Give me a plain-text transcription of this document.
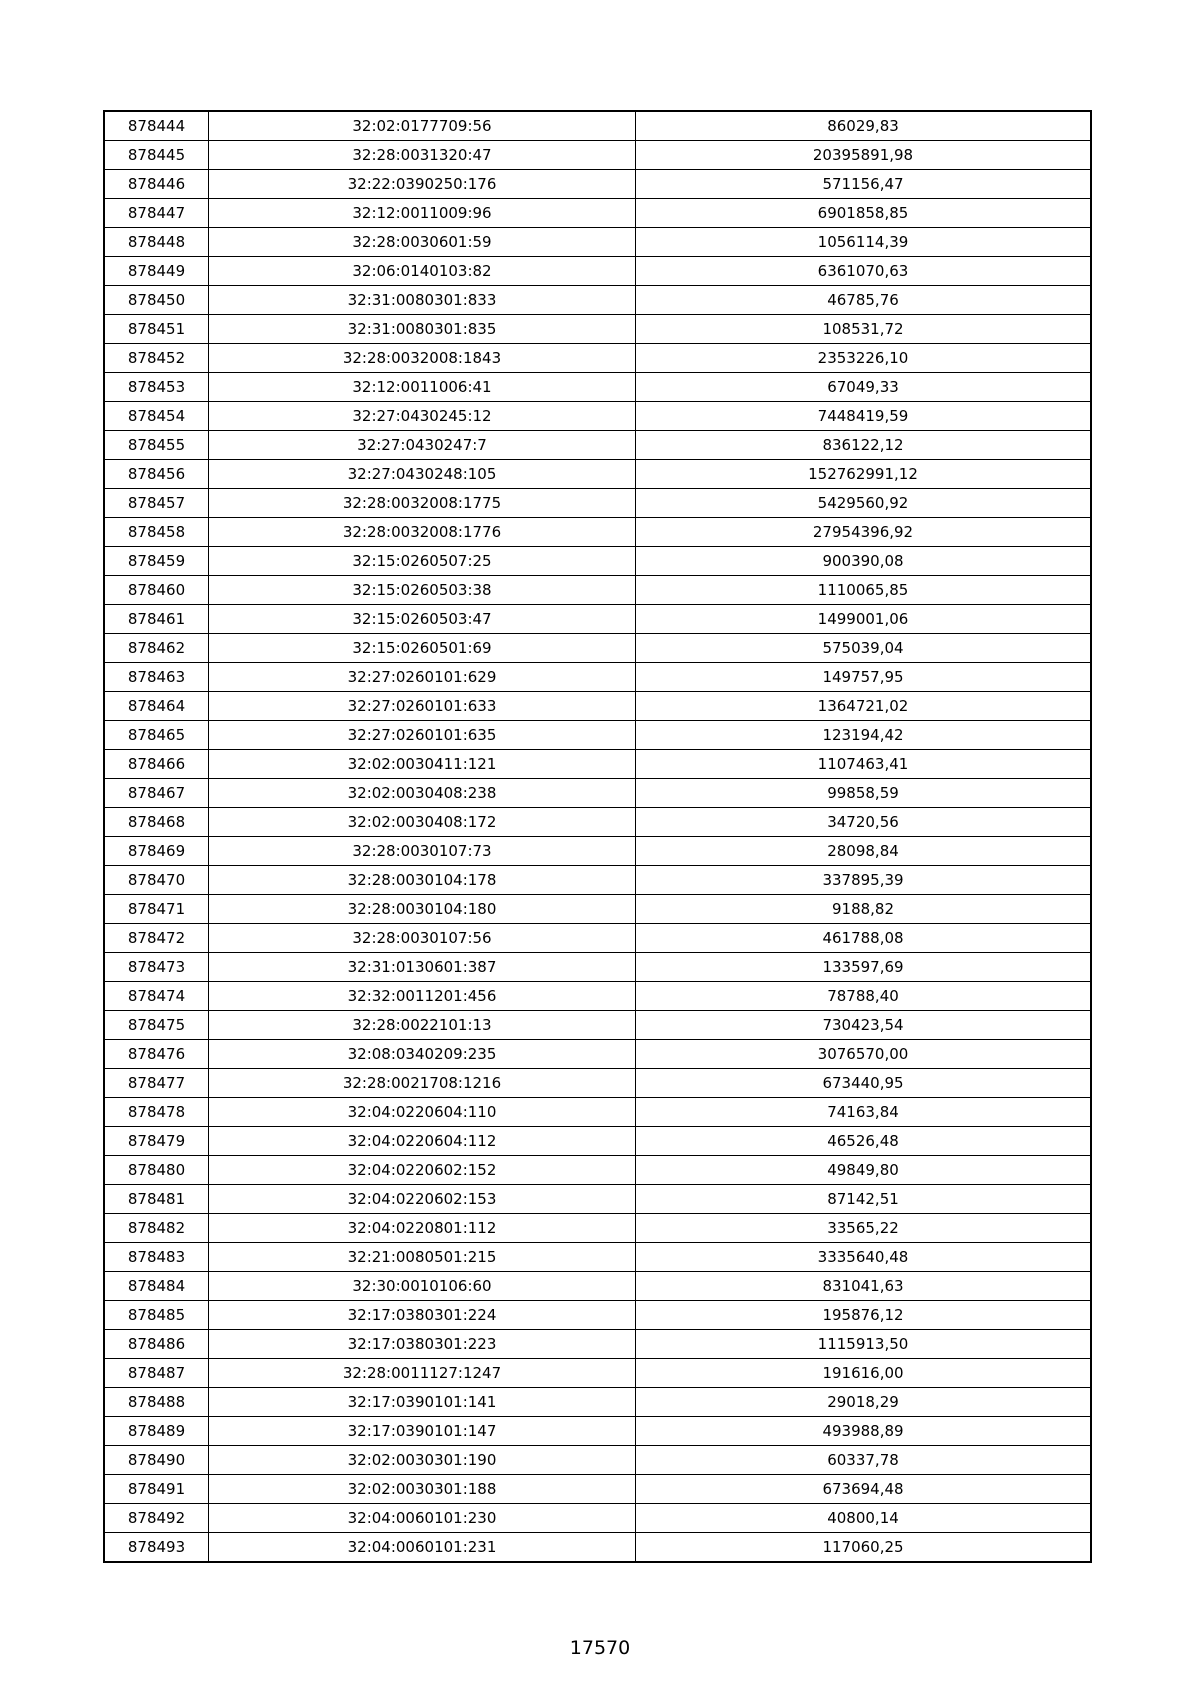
878444	32:02:0177709:56	86029,83
878445	32:28:0031320:47	20395891,98
878446	32:22:0390250:176	571156,47
878447	32:12:0011009:96	6901858,85
878448	32:28:0030601:59	1056114,39
878449	32:06:0140103:82	6361070,63
878450	32:31:0080301:833	46785,76
878451	32:31:0080301:835	108531,72
878452	32:28:0032008:1843	2353226,10
878453	32:12:0011006:41	67049,33
878454	32:27:0430245:12	7448419,59
878455	32:27:0430247:7	836122,12
878456	32:27:0430248:105	152762991,12
878457	32:28:0032008:1775	5429560,92
878458	32:28:0032008:1776	27954396,92
878459	32:15:0260507:25	900390,08
878460	32:15:0260503:38	1110065,85
878461	32:15:0260503:47	1499001,06
878462	32:15:0260501:69	575039,04
878463	32:27:0260101:629	149757,95
878464	32:27:0260101:633	1364721,02
878465	32:27:0260101:635	123194,42
878466	32:02:0030411:121	1107463,41
878467	32:02:0030408:238	99858,59
878468	32:02:0030408:172	34720,56
878469	32:28:0030107:73	28098,84
878470	32:28:0030104:178	337895,39
878471	32:28:0030104:180	9188,82
878472	32:28:0030107:56	461788,08
878473	32:31:0130601:387	133597,69
878474	32:32:0011201:456	78788,40
878475	32:28:0022101:13	730423,54
878476	32:08:0340209:235	3076570,00
878477	32:28:0021708:1216	673440,95
878478	32:04:0220604:110	74163,84
878479	32:04:0220604:112	46526,48
878480	32:04:0220602:152	49849,80
878481	32:04:0220602:153	87142,51
878482	32:04:0220801:112	33565,22
878483	32:21:0080501:215	3335640,48
878484	32:30:0010106:60	831041,63
878485	32:17:0380301:224	195876,12
878486	32:17:0380301:223	1115913,50
878487	32:28:0011127:1247	191616,00
878488	32:17:0390101:141	29018,29
878489	32:17:0390101:147	493988,89
878490	32:02:0030301:190	60337,78
878491	32:02:0030301:188	673694,48
878492	32:04:0060101:230	40800,14
878493	32:04:0060101:231	117060,25
17570
